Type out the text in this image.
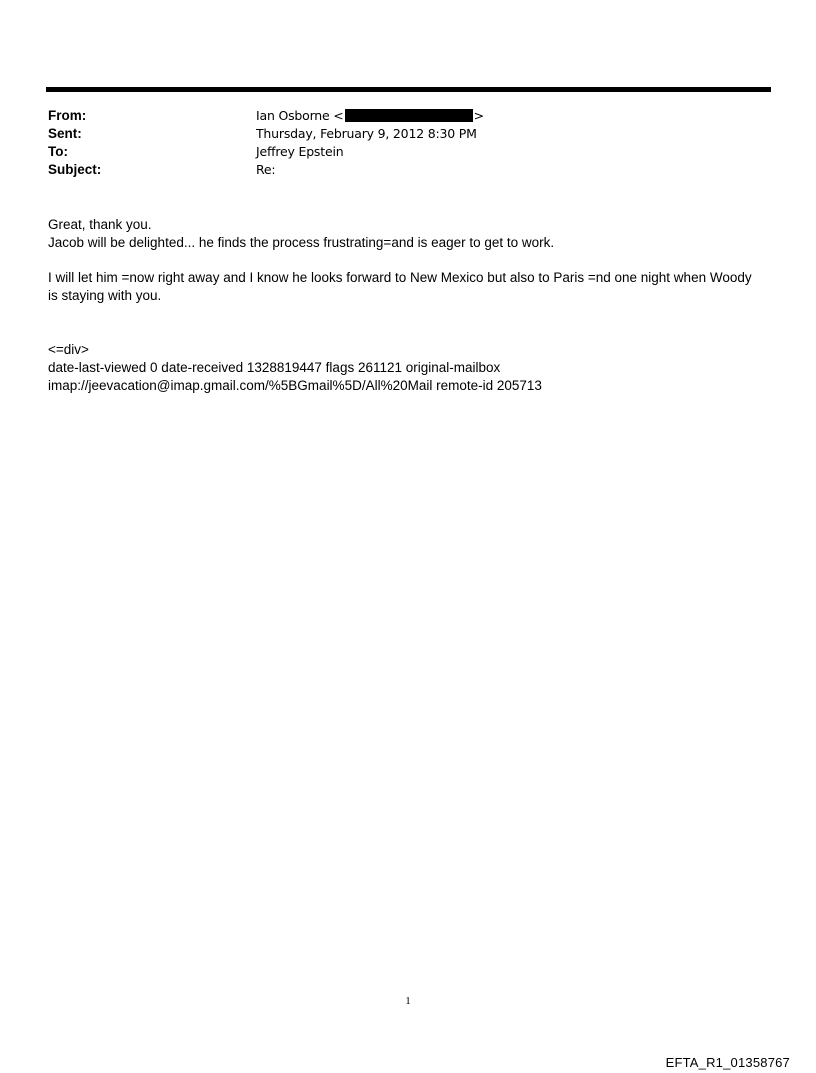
From:	Ian Osborne <	>
Sent:	Thursday, February 9, 2012 8:30 PM
To:	Jeffrey Epstein
Subject:	Re:

Great, thank you.

Jacob will be delighted... he finds the process frustrating=and is eager to get to work.

I will let him =now right away and I know he looks forward to New Mexico but also to Paris =nd one night when Woody is staying with you.

<=div>

date-last-viewed 0 date-received 1328819447 flags 261121 original-mailbox

imap://jeevacation@imap.gmail.com/%5BGmail%5D/All%20Mail remote-id 205713

1
EFTA_R1_01358767
